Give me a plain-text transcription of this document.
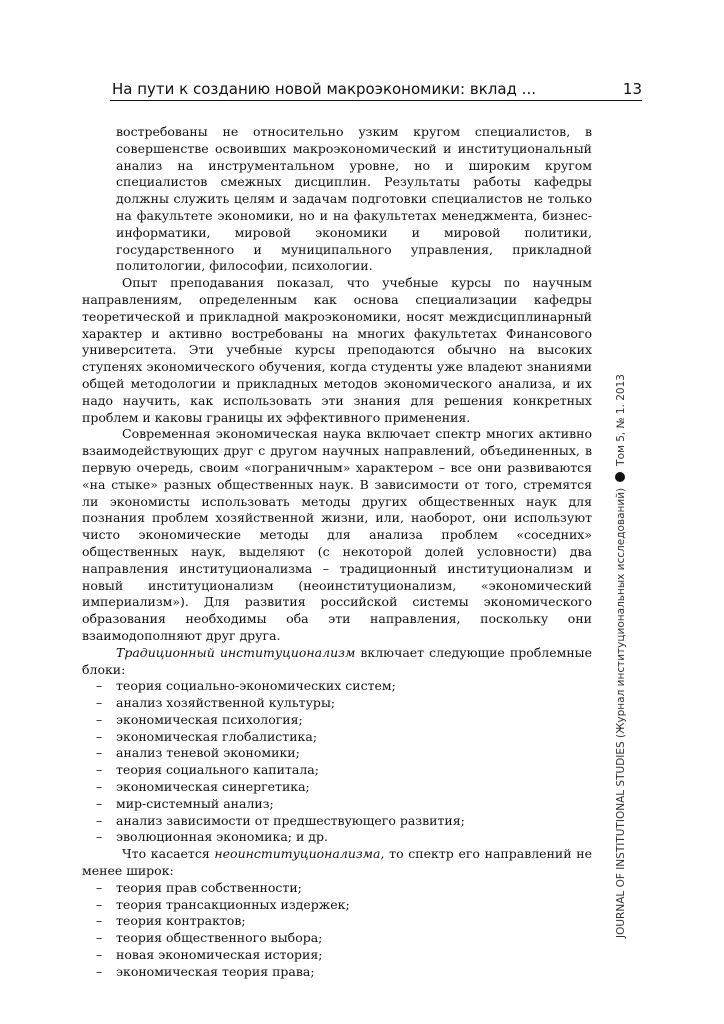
На пути к созданию новой макроэкономики: вклад ...	13

востребованы не относительно узким кругом специалистов, в совершенстве освоивших макроэкономический и институциональный анализ на инструментальном уровне, но и широким кругом специалистов смежных дисциплин. Результаты работы кафедры должны служить целям и задачам подготовки специалистов не только на факультете экономики, но и на факультетах менеджмента, бизнес-информатики, мировой экономики и мировой политики, государственного и муниципального управления, прикладной политологии, философии, психологии.

Опыт преподавания показал, что учебные курсы по научным направлениям, определенным как основа специализации кафедры теоретической и прикладной макроэкономики, носят междисциплинарный характер и активно востребованы на многих факультетах Финансового университета. Эти учебные курсы преподаются обычно на высоких ступенях экономического обучения, когда студенты уже владеют знаниями общей методологии и прикладных методов экономического анализа, и их надо научить, как использовать эти знания для решения конкретных проблем и каковы границы их эффективного применения.

Современная экономическая наука включает спектр многих активно взаимодействующих друг с другом научных направлений, объединенных, в первую очередь, своим «пограничным» характером – все они развиваются «на стыке» разных общественных наук. В зависимости от того, стремятся ли экономисты использовать методы других общественных наук для познания проблем хозяйственной жизни, или, наоборот, они используют чисто экономические методы для анализа проблем «соседних» общественных наук, выделяют (с некоторой долей условности) два направления институционализма – традиционный институционализм и новый институционализм (неоинституционализм, «экономический империализм»). Для развития российской системы экономического образования необходимы оба эти направления, поскольку они взаимодополняют друг друга.

Традиционный институционализм включает следующие проблемные блоки:

– теория социально-экономических систем;
– анализ хозяйственной культуры;
– экономическая психология;
– экономическая глобалистика;
– анализ теневой экономики;
– теория социального капитала;
– экономическая синергетика;
– мир-системный анализ;
– анализ зависимости от предшествующего развития;
– эволюционная экономика; и др.

Что касается неоинституционализма, то спектр его направлений не менее широк:

– теория прав собственности;
– теория трансакционных издержек;
– теория контрактов;
– теория общественного выбора;
– новая экономическая история;
– экономическая теория права;
JOURNAL OF INSTITUTIONAL STUDIES (Журнал институциональных исследований)Том 5, № 1. 2013
